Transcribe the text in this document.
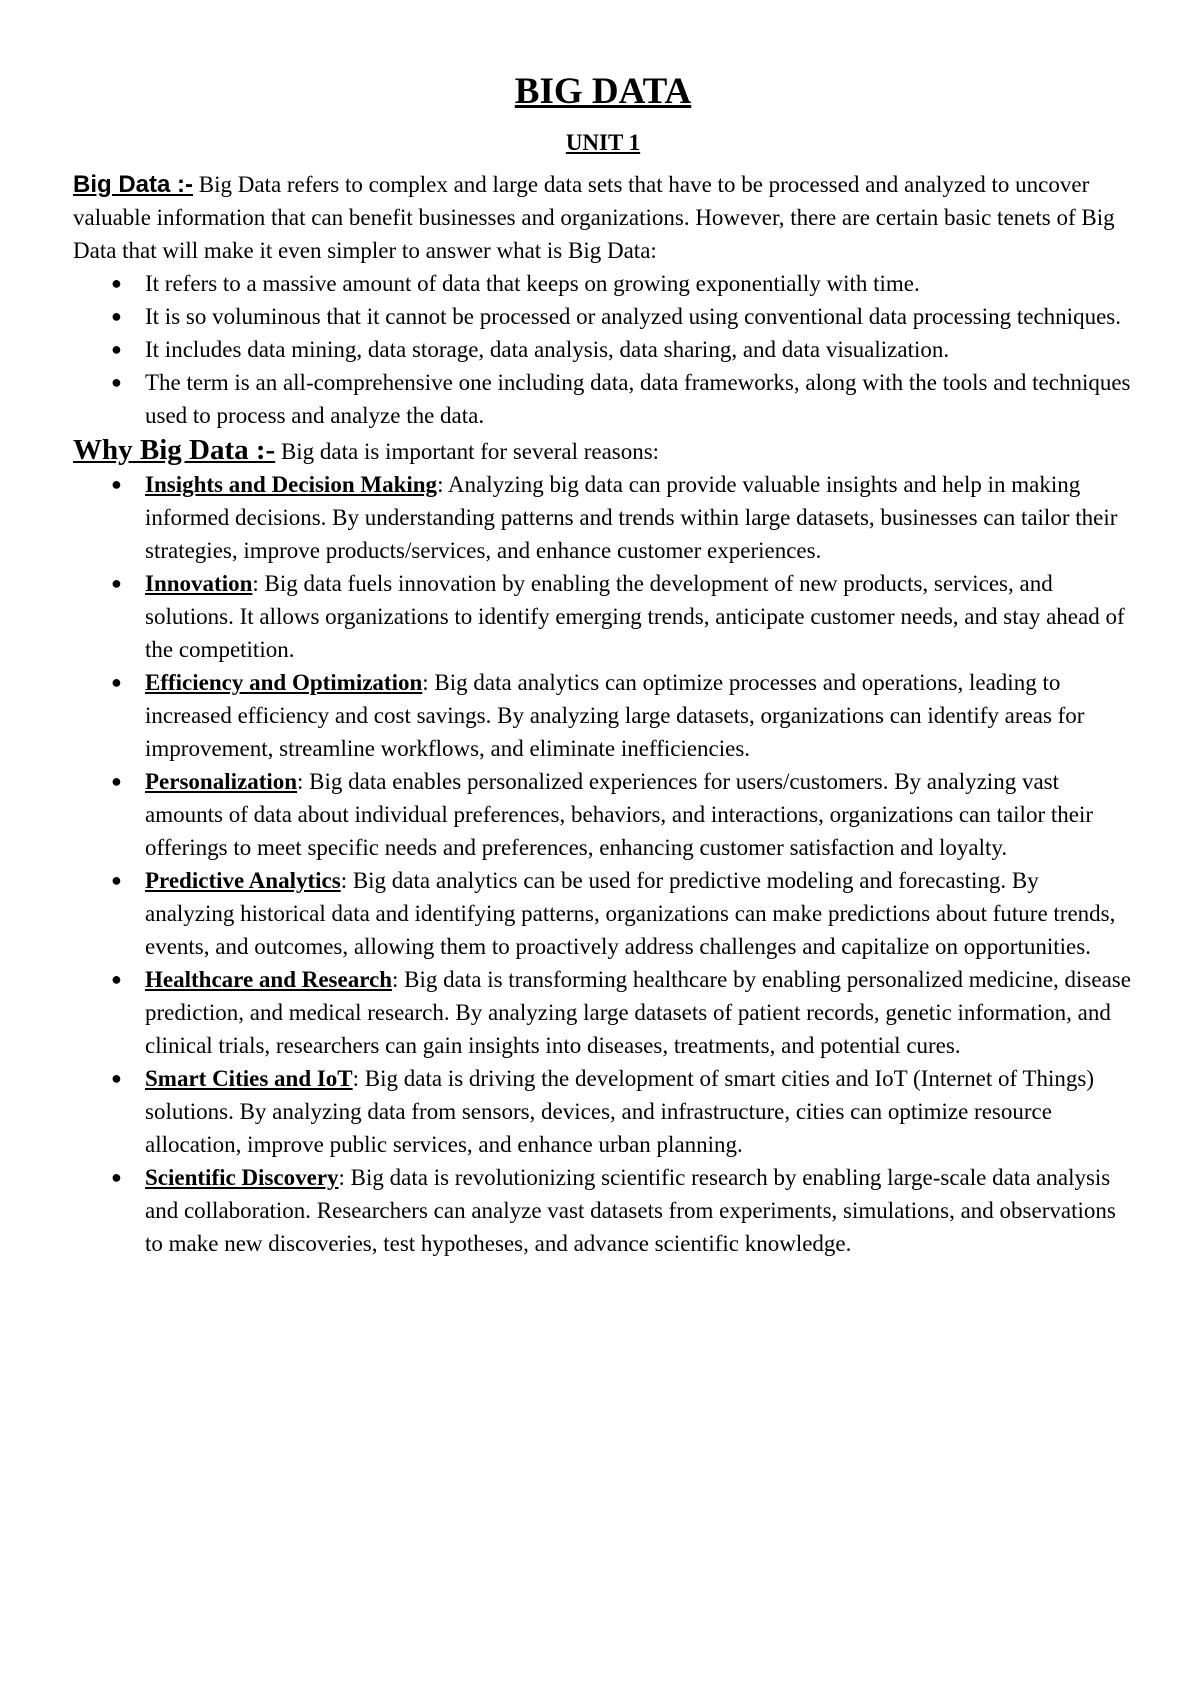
BIG DATA
UNIT 1

Big Data :- Big Data refers to complex and large data sets that have to be processed and analyzed to uncover valuable information that can benefit businesses and organizations. However, there are certain basic tenets of Big Data that will make it even simpler to answer what is Big Data:

● It refers to a massive amount of data that keeps on growing exponentially with time.
● It is so voluminous that it cannot be processed or analyzed using conventional data processing techniques.
● It includes data mining, data storage, data analysis, data sharing, and data visualization.
● The term is an all-comprehensive one including data, data frameworks, along with the tools and techniques used to process and analyze the data.

Why Big Data :- Big data is important for several reasons:

● Insights and Decision Making: Analyzing big data can provide valuable insights and help in making informed decisions. By understanding patterns and trends within large datasets, businesses can tailor their strategies, improve products/services, and enhance customer experiences.
● Innovation: Big data fuels innovation by enabling the development of new products, services, and solutions. It allows organizations to identify emerging trends, anticipate customer needs, and stay ahead of the competition.
● Efficiency and Optimization: Big data analytics can optimize processes and operations, leading to increased efficiency and cost savings. By analyzing large datasets, organizations can identify areas for improvement, streamline workflows, and eliminate inefficiencies.
● Personalization: Big data enables personalized experiences for users/customers. By analyzing vast amounts of data about individual preferences, behaviors, and interactions, organizations can tailor their offerings to meet specific needs and preferences, enhancing customer satisfaction and loyalty.
● Predictive Analytics: Big data analytics can be used for predictive modeling and forecasting. By analyzing historical data and identifying patterns, organizations can make predictions about future trends, events, and outcomes, allowing them to proactively address challenges and capitalize on opportunities.
● Healthcare and Research: Big data is transforming healthcare by enabling personalized medicine, disease prediction, and medical research. By analyzing large datasets of patient records, genetic information, and clinical trials, researchers can gain insights into diseases, treatments, and potential cures.
● Smart Cities and IoT: Big data is driving the development of smart cities and IoT (Internet of Things) solutions. By analyzing data from sensors, devices, and infrastructure, cities can optimize resource allocation, improve public services, and enhance urban planning.
● Scientific Discovery: Big data is revolutionizing scientific research by enabling large-scale data analysis and collaboration. Researchers can analyze vast datasets from experiments, simulations, and observations to make new discoveries, test hypotheses, and advance scientific knowledge.
